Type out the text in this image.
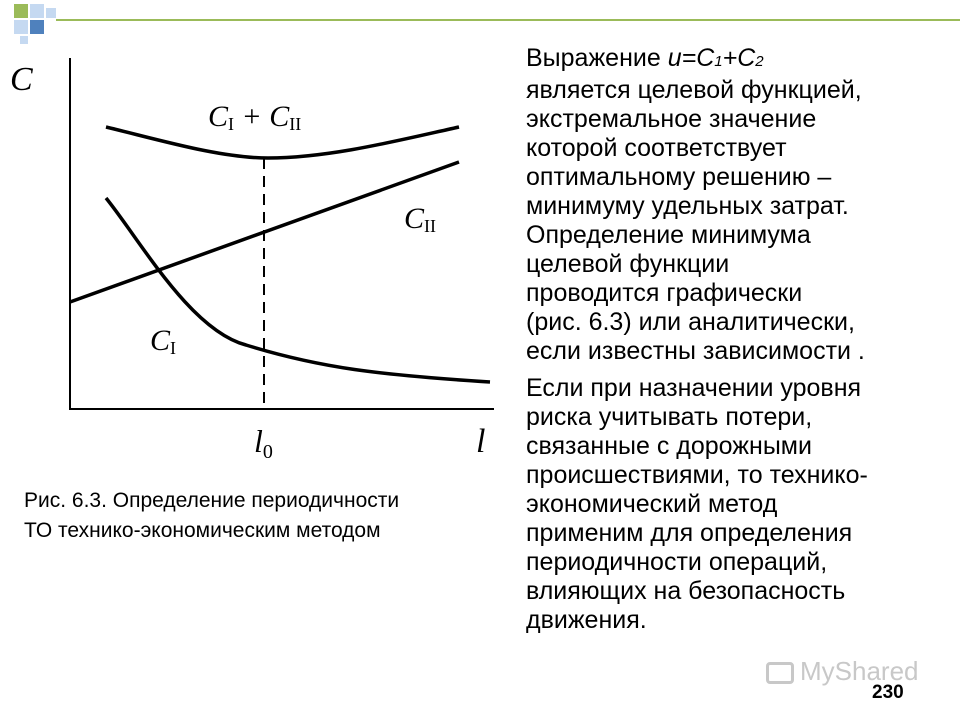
C
l
l0
CI + CII
CII
CI
Рис. 6.3. Определение периодичности
ТО технико-экономическим методом
Выражение u=C1+C2
является целевой функцией,
экстремальное значение
которой соответствует
оптимальному решению –
минимуму удельных затрат.
Определение минимума
целевой функции
проводится графически
(рис. 6.3) или аналитически,
если известны зависимости .
Если при назначении уровня
риска учитывать потери,
связанные с дорожными
происшествиями, то технико-
экономический метод
применим для определения
периодичности операций,
влияющих на безопасность
движения.
MyShared
230
